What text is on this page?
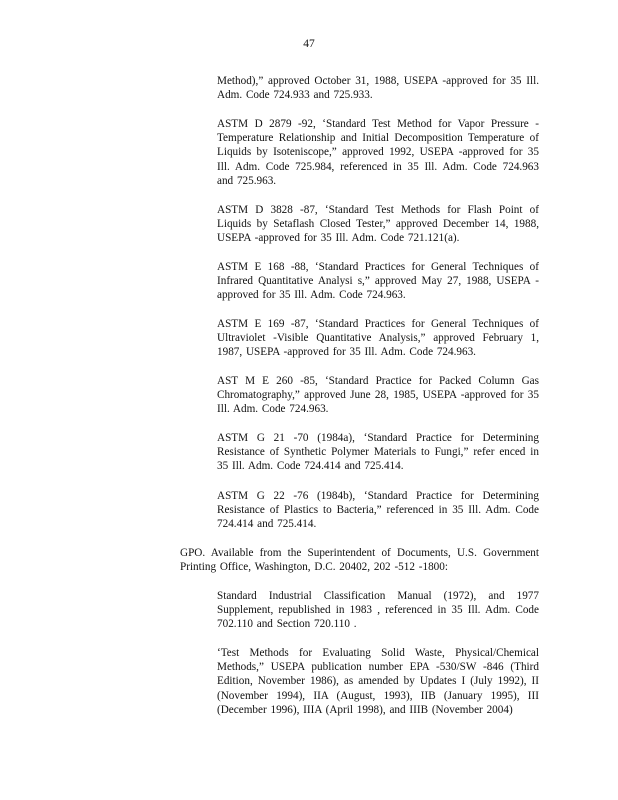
47

Method),” approved October 31, 1988, USEPA -approved for 35 Ill. Adm. Code 724.933 and 725.933.

ASTM D 2879 -92, ‘Standard Test Method for Vapor Pressure - Temperature Relationship and Initial Decomposition Temperature of Liquids by Isoteniscope,” approved 1992, USEPA -approved for 35 Ill. Adm. Code 725.984, referenced in 35 Ill. Adm. Code 724.963 and 725.963.

ASTM D 3828 -87, ‘Standard Test Methods for Flash Point of Liquids by Setaflash Closed Tester,” approved December 14, 1988, USEPA -approved for 35 Ill. Adm. Code 721.121(a).

ASTM E 168 -88, ‘Standard Practices for General Techniques of Infrared Quantitative Analysi s,” approved May 27, 1988, USEPA -approved for 35 Ill. Adm. Code 724.963.

ASTM E 169 -87, ‘Standard Practices for General Techniques of Ultraviolet -Visible Quantitative Analysis,” approved February 1, 1987, USEPA -approved for 35 Ill. Adm. Code 724.963.

AST M E 260 -85, ‘Standard Practice for Packed Column Gas Chromatography,” approved June 28, 1985, USEPA -approved for 35 Ill. Adm. Code 724.963.

ASTM G 21 -70 (1984a), ‘Standard Practice for Determining Resistance of Synthetic Polymer Materials to Fungi,” refer enced in 35 Ill. Adm. Code 724.414 and 725.414.

ASTM G 22 -76 (1984b), ‘Standard Practice for Determining Resistance of Plastics to Bacteria,” referenced in 35 Ill. Adm. Code 724.414 and 725.414.

GPO. Available from the Superintendent of Documents, U.S. Government Printing Office, Washington, D.C. 20402, 202 -512 -1800:

Standard Industrial Classification Manual (1972), and 1977 Supplement, republished in 1983 , referenced in 35 Ill. Adm. Code 702.110 and Section 720.110 .

‘Test Methods for Evaluating Solid Waste, Physical/Chemical Methods,” USEPA publication number EPA -530/SW -846 (Third Edition, November 1986), as amended by Updates I (July 1992), II (November 1994), IIA (August, 1993), IIB (January 1995), III (December 1996), IIIA (April 1998), and IIIB (November 2004)
